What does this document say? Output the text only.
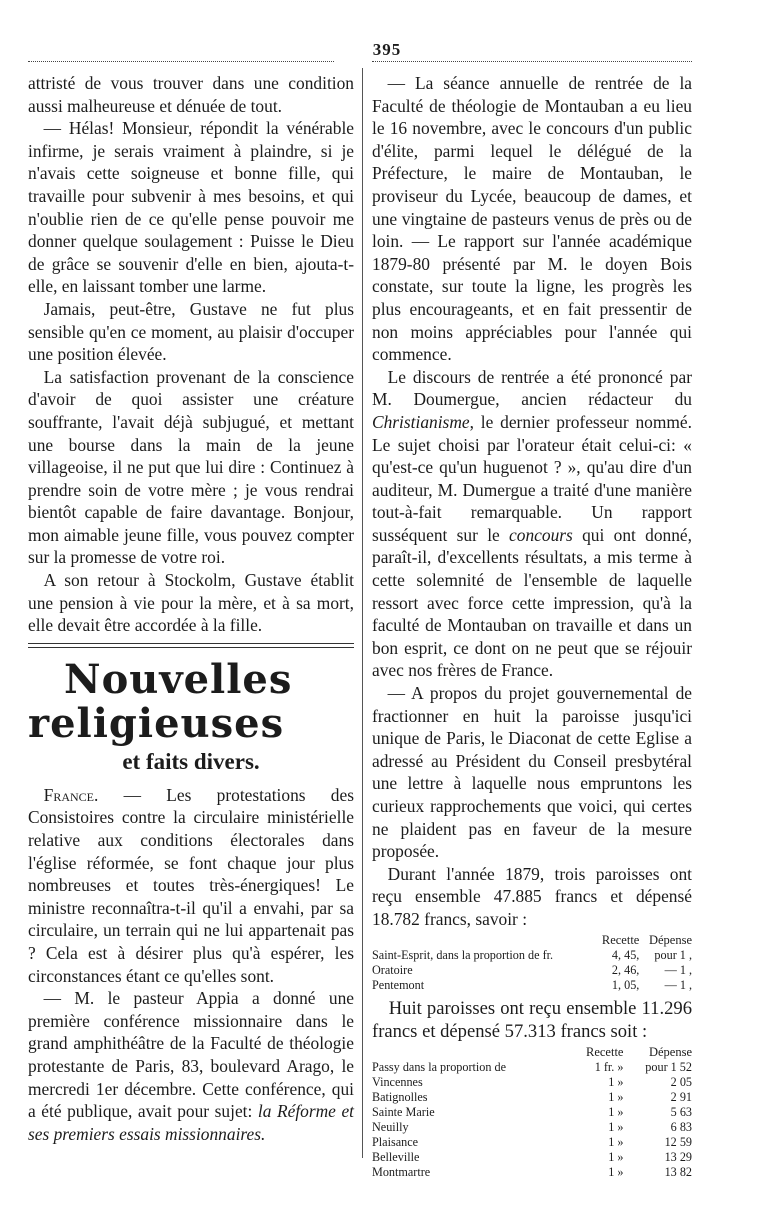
395

attristé de vous trouver dans une condition aussi malheureuse et dénuée de tout.

— Hélas! Monsieur, répondit la vénérable infirme, je serais vraiment à plaindre, si je n'avais cette soigneuse et bonne fille, qui travaille pour subvenir à mes besoins, et qui n'oublie rien de ce qu'elle pense pouvoir me donner quelque soulagement : Puisse le Dieu de grâce se souvenir d'elle en bien, ajouta-t-elle, en laissant tomber une larme.

Jamais, peut-être, Gustave ne fut plus sensible qu'en ce moment, au plaisir d'occuper une position élevée.

La satisfaction provenant de la conscience d'avoir de quoi assister une créature souffrante, l'avait déjà subjugué, et mettant une bourse dans la main de la jeune villageoise, il ne put que lui dire : Continuez à prendre soin de votre mère ; je vous rendrai bientôt capable de faire davantage. Bonjour, mon aimable jeune fille, vous pouvez compter sur la promesse de votre roi.

A son retour à Stockolm, Gustave établit une pension à vie pour la mère, et à sa mort, elle devait être accordée à la fille.

Nouvelles religieuses

et faits divers.

France. — Les protestations des Consistoires contre la circulaire ministérielle relative aux conditions électorales dans l'église réformée, se font chaque jour plus nombreuses et toutes très-énergiques! Le ministre reconnaîtra-t-il qu'il a envahi, par sa circulaire, un terrain qui ne lui appartenait pas ? Cela est à désirer plus qu'à espérer, les circonstances étant ce qu'elles sont.

— M. le pasteur Appia a donné une première conférence missionnaire dans le grand amphithéâtre de la Faculté de théologie protestante de Paris, 83, boulevard Arago, le mercredi 1er décembre. Cette conférence, qui a été publique, avait pour sujet: la Réforme et ses premiers essais missionnaires.

— La séance annuelle de rentrée de la Faculté de théologie de Montauban a eu lieu le 16 novembre, avec le concours d'un public d'élite, parmi lequel le délégué de la Préfecture, le maire de Montauban, le proviseur du Lycée, beaucoup de dames, et une vingtaine de pasteurs venus de près ou de loin. — Le rapport sur l'année académique 1879-80 présenté par M. le doyen Bois constate, sur toute la ligne, les progrès les plus encourageants, et en fait pressentir de non moins appréciables pour l'année qui commence.

Le discours de rentrée a été prononcé par M. Doumergue, ancien rédacteur du Christianisme, le dernier professeur nommé. Le sujet choisi par l'orateur était celui-ci: « qu'est-ce qu'un huguenot ? », qu'au dire d'un auditeur, M. Dumergue a traité d'une manière tout-à-fait remarquable. Un rapport susséquent sur le concours qui ont donné, paraît-il, d'excellents résultats, a mis terme à cette solemnité de l'ensemble de laquelle ressort avec force cette impression, qu'à la faculté de Montauban on travaille et dans un bon esprit, ce dont on ne peut que se réjouir avec nos frères de France.

— A propos du projet gouvernemental de fractionner en huit la paroisse jusqu'ici unique de Paris, le Diaconat de cette Eglise a adressé au Président du Conseil presbytéral une lettre à laquelle nous empruntons les curieux rapprochements que voici, qui certes ne plaident pas en faveur de la mesure proposée.

Durant l'année 1879, trois paroisses ont reçu ensemble 47.885 francs et dépensé 18.782 francs, savoir :

	Recette	Dépense
Saint-Esprit, dans la proportion de fr.	4, 45,	pour 1 ,
Oratoire	2, 46,	— 1 ,
Pentemont	1, 05,	— 1 ,

Huit paroisses ont reçu ensemble 11.296 francs et dépensé 57.313 francs soit :

	Recette	Dépense
Passy dans la proportion de	1 fr. »	pour 1 52
Vincennes	1 »	2 05
Batignolles	1 »	2 91
Sainte Marie	1 »	5 63
Neuilly	1 »	6 83
Plaisance	1 »	12 59
Belleville	1 »	13 29
Montmartre	1 »	13 82
